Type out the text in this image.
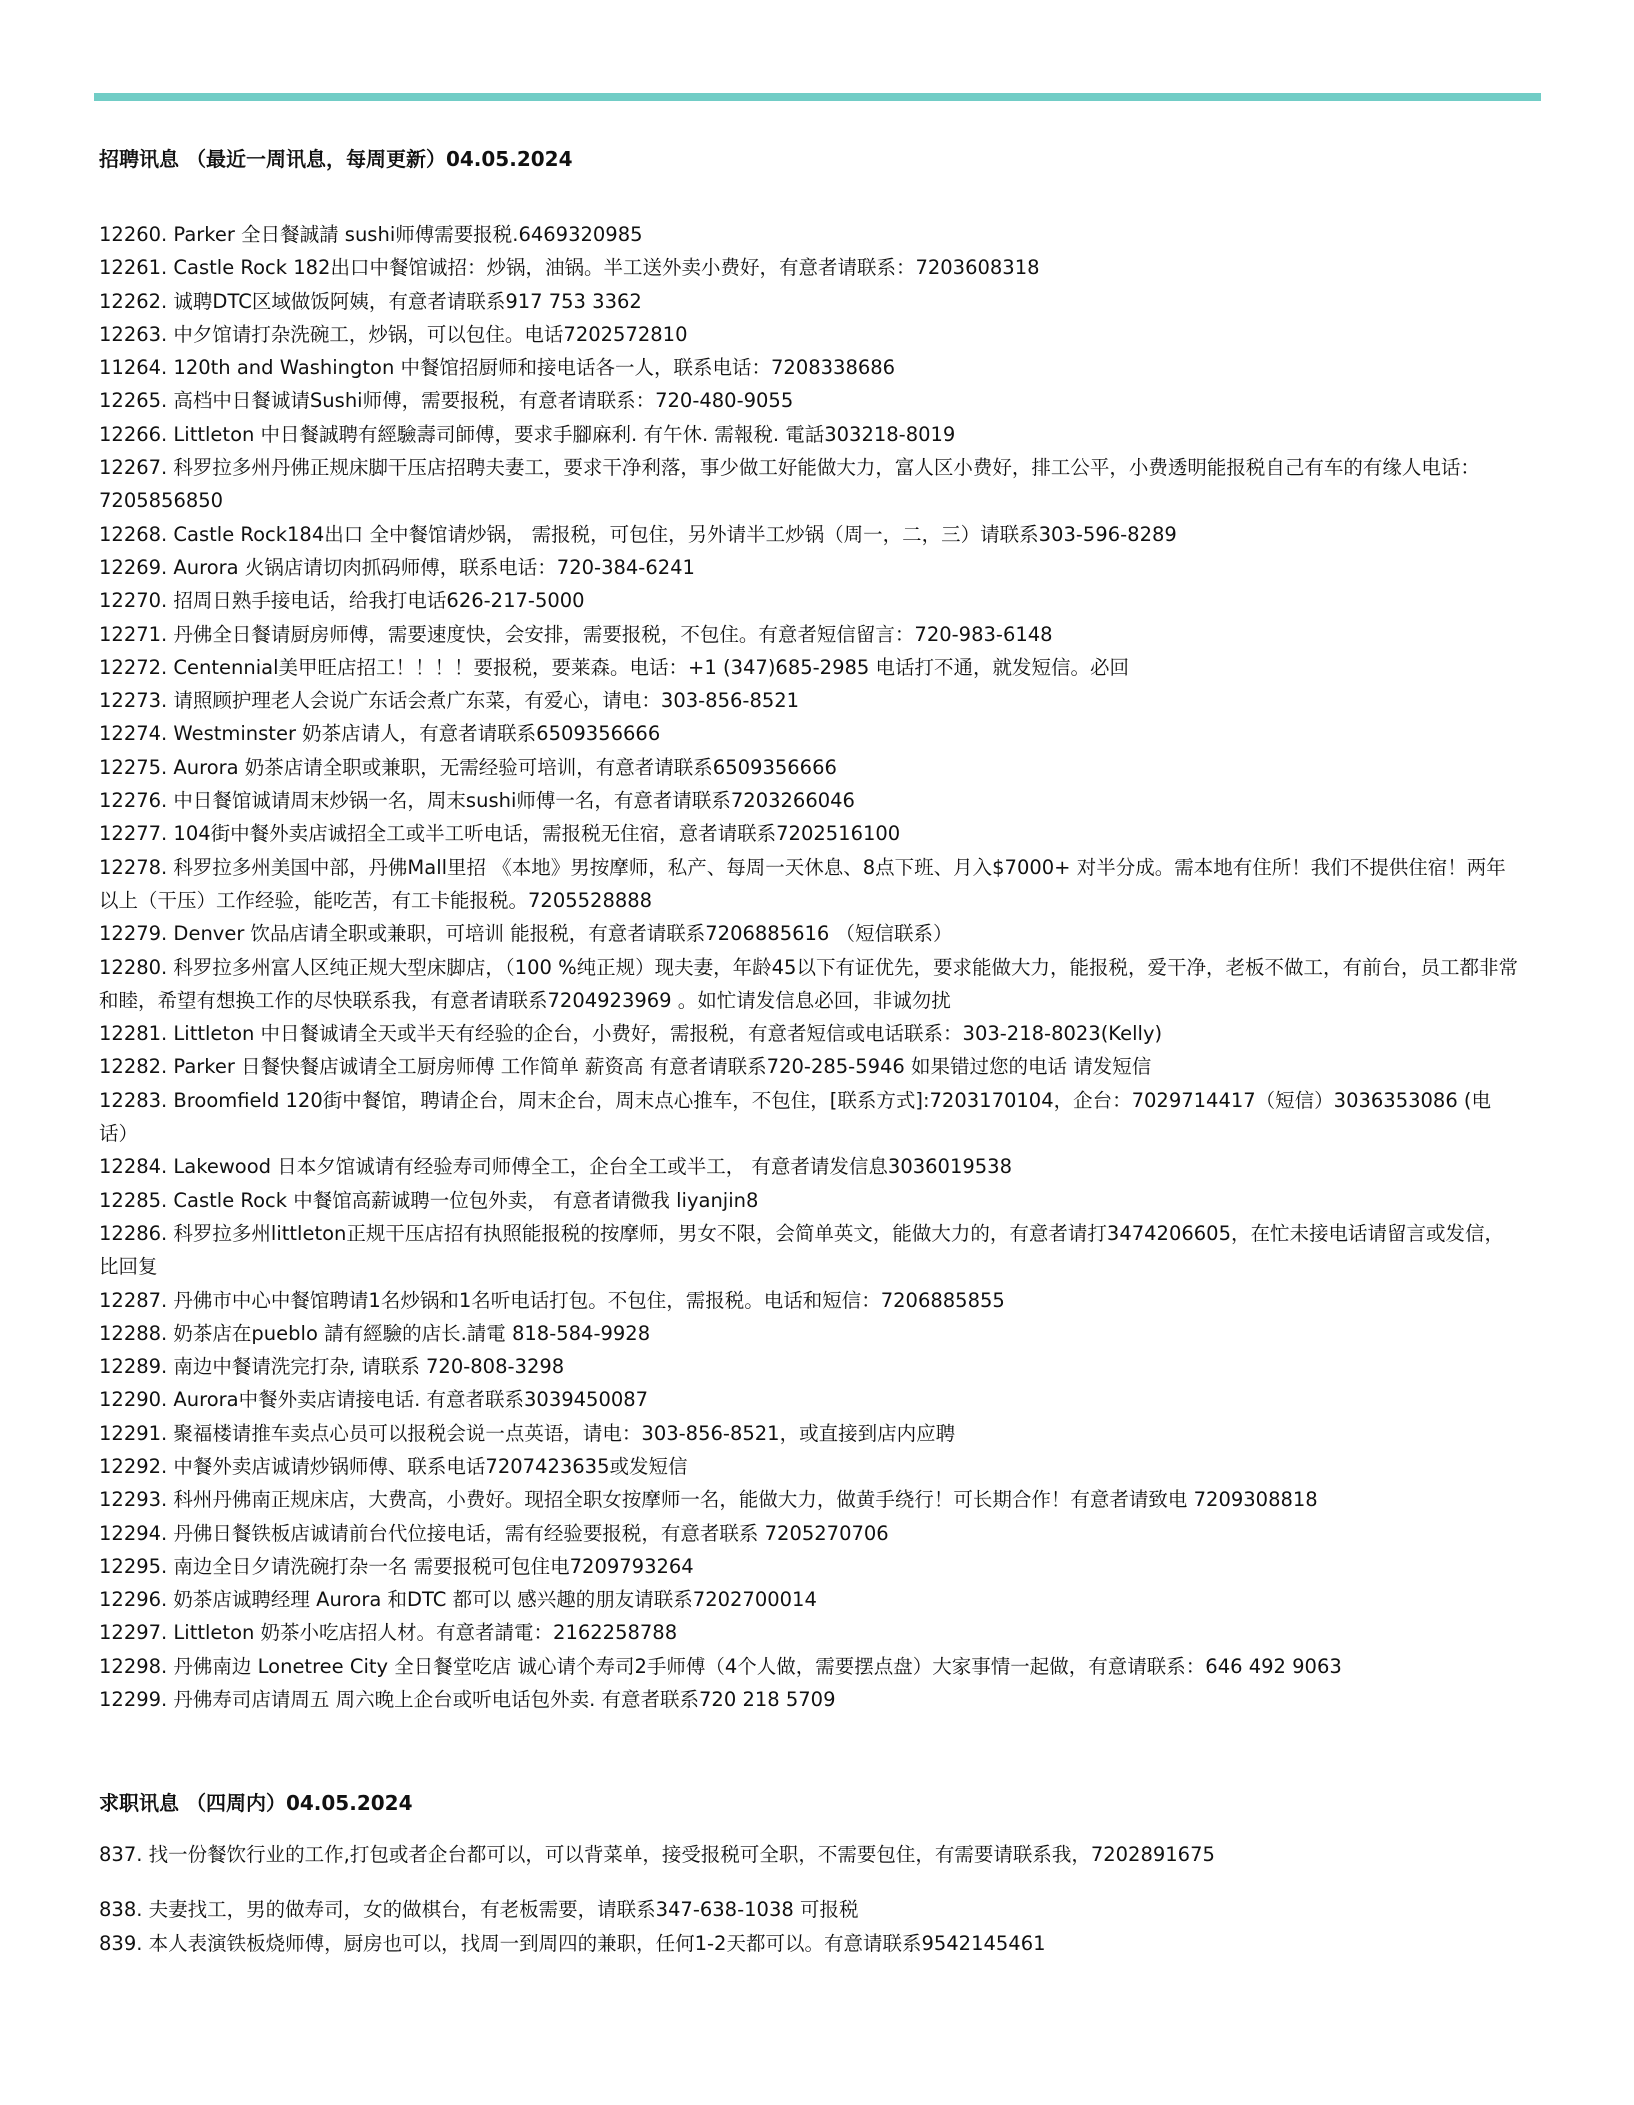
招聘讯息 （最近一周讯息，每周更新）04.05.2024
12260. Parker 全日餐誠請 sushi师傅需要报税.6469320985
12261. Castle Rock 182出口中餐馆诚招：炒锅，油锅。半工送外卖小费好，有意者请联系：7203608318
12262. 诚聘DTC区域做饭阿姨，有意者请联系917 753 3362
12263. 中夕馆请打杂洗碗工，炒锅，可以包住。电话7202572810
11264. 120th and Washington 中餐馆招厨师和接电话各一人，联系电话：7208338686
12265. 高档中日餐诚请Sushi师傅，需要报税，有意者请联系：720-480-9055
12266. Littleton 中日餐誠聘有經驗壽司師傅，要求手腳麻利. 有午休. 需報稅. 電話303218-8019
12267. 科罗拉多州丹佛正规床脚干压店招聘夫妻工，要求干净利落，事少做工好能做大力，富人区小费好，排工公平，小费透明能报税自己有车的有缘人电话：7205856850
12268. Castle Rock184出口 全中餐馆请炒锅， 需报税，可包住，另外请半工炒锅（周一，二，三）请联系303-596-8289
12269. Aurora 火锅店请切肉抓码师傅，联系电话：720-384-6241
12270. 招周日熟手接电话，给我打电话626-217-5000
12271. 丹佛全日餐请厨房师傅，需要速度快，会安排，需要报税，不包住。有意者短信留言：720-983-6148
12272. Centennial美甲旺店招工！！！！要报税，要莱森。电话：+1 (347)685-2985 电话打不通，就发短信。必回
12273. 请照顾护理老人会说广东话会煮广东菜，有爱心，请电：303-856-8521
12274. Westminster 奶茶店请人，有意者请联系6509356666
12275. Aurora 奶茶店请全职或兼职，无需经验可培训，有意者请联系6509356666
12276. 中日餐馆诚请周末炒锅一名，周末sushi师傅一名，有意者请联系7203266046
12277. 104街中餐外卖店诚招全工或半工听电话，需报税无住宿，意者请联系7202516100
12278. 科罗拉多州美国中部，丹佛Mall里招 《本地》男按摩师，私产、每周一天休息、8点下班、月入$7000+ 对半分成。需本地有住所！我们不提供住宿！两年以上（干压）工作经验，能吃苦，有工卡能报税。7205528888
12279. Denver 饮品店请全职或兼职，可培训 能报税，有意者请联系7206885616 （短信联系）
12280. 科罗拉多州富人区纯正规大型床脚店，（100 %纯正规）现夫妻，年龄45以下有证优先，要求能做大力，能报税，爱干净，老板不做工，有前台，员工都非常和睦，希望有想换工作的尽快联系我，有意者请联系7204923969 。如忙请发信息必回，非诚勿扰
12281. Littleton 中日餐诚请全天或半天有经验的企台，小费好，需报税，有意者短信或电话联系：303-218-8023(Kelly)
12282. Parker 日餐快餐店诚请全工厨房师傅 工作简单 薪资高 有意者请联系720-285-5946 如果错过您的电话 请发短信
12283. Broomfield 120街中餐馆，聘请企台，周末企台，周末点心推车，不包住，[联系方式]:7203170104，企台：7029714417（短信）3036353086 (电话）
12284. Lakewood 日本夕馆诚请有经验寿司师傅全工，企台全工或半工， 有意者请发信息3036019538
12285. Castle Rock 中餐馆高薪诚聘一位包外卖， 有意者请微我 liyanjin8
12286. 科罗拉多州littleton正规干压店招有执照能报税的按摩师，男女不限，会简单英文，能做大力的，有意者请打3474206605，在忙未接电话请留言或发信，比回复
12287. 丹佛市中心中餐馆聘请1名炒锅和1名听电话打包。不包住，需报税。电话和短信：7206885855
12288. 奶茶店在pueblo 請有經驗的店长.請電 818-584-9928
12289. 南边中餐请洗完打杂, 请联系 720-808-3298
12290. Aurora中餐外卖店请接电话. 有意者联系3039450087
12291. 聚福楼请推车卖点心员可以报税会说一点英语，请电：303-856-8521，或直接到店内应聘
12292. 中餐外卖店诚请炒锅师傅、联系电话7207423635或发短信
12293. 科州丹佛南正规床店，大费高，小费好。现招全职女按摩师一名，能做大力，做黄手绕行！可长期合作！有意者请致电 7209308818
12294. 丹佛日餐铁板店诚请前台代位接电话，需有经验要报税，有意者联系 7205270706
12295. 南边全日夕请洗碗打杂一名 需要报税可包住电7209793264
12296. 奶茶店诚聘经理 Aurora 和DTC 都可以 感兴趣的朋友请联系7202700014
12297. Littleton 奶茶小吃店招人材。有意者請電：2162258788
12298. 丹佛南边 Lonetree City 全日餐堂吃店 诚心请个寿司2手师傅（4个人做，需要摆点盘）大家事情一起做，有意请联系：646 492 9063
12299. 丹佛寿司店请周五 周六晚上企台或听电话包外卖. 有意者联系720 218 5709
求职讯息 （四周内）04.05.2024
837. 找一份餐饮行业的工作,打包或者企台都可以，可以背菜单，接受报税可全职，不需要包住，有需要请联系我，7202891675
838. 夫妻找工，男的做寿司，女的做棋台，有老板需要，请联系347-638-1038 可报税
839. 本人表演铁板烧师傅，厨房也可以，找周一到周四的兼职，任何1-2天都可以。有意请联系9542145461
